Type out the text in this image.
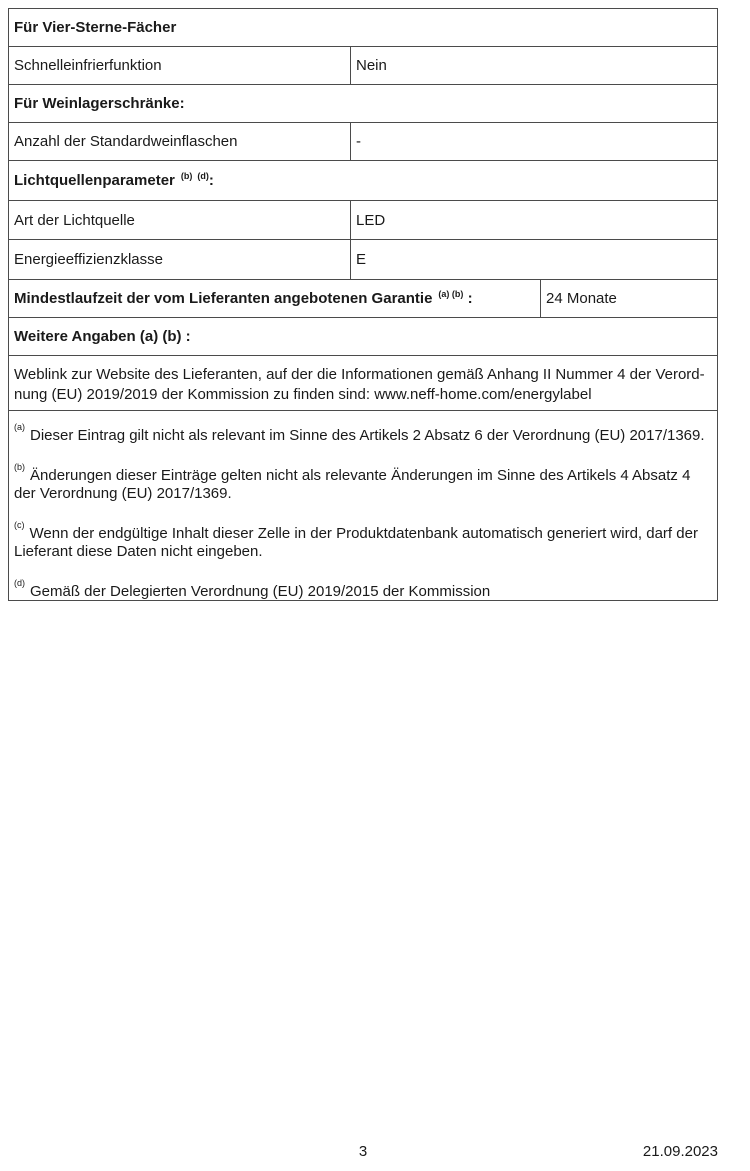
Für Vier-Sterne-Fächer
Schnelleinfrierfunktion	Nein
Für Weinlagerschränke:
Anzahl der Standardweinflaschen	-
Lichtquellenparameter $^{(b) (d)}$ :
Art der Lichtquelle	LED
Energieeffizienzklasse	E
Mindestlaufzeit der vom Lieferanten angebotenen Garantie $^{(a) (b)}$ :	24 Monate
Weitere Angaben (a) (b) :
Weblink zur Website des Lieferanten, auf der die Informationen gemäß Anhang II Nummer 4 der Verordnung (EU) 2019/2019 der Kommission zu finden sind: www.neff-home.com/energylabel

$^{(a)}$ Dieser Eintrag gilt nicht als relevant im Sinne des Artikels 2 Absatz 6 der Verordnung (EU) 2017/1369.

$^{(b)}$ Änderungen dieser Einträge gelten nicht als relevante Änderungen im Sinne des Artikels 4 Absatz 4 der Verordnung (EU) 2017/1369.

$^{(c)}$ Wenn der endgültige Inhalt dieser Zelle in der Produktdatenbank automatisch generiert wird, darf der Lieferant diese Daten nicht eingeben.

$^{(d)}$ Gemäß der Delegierten Verordnung (EU) 2019/2015 der Kommission

3	21.09.2023
